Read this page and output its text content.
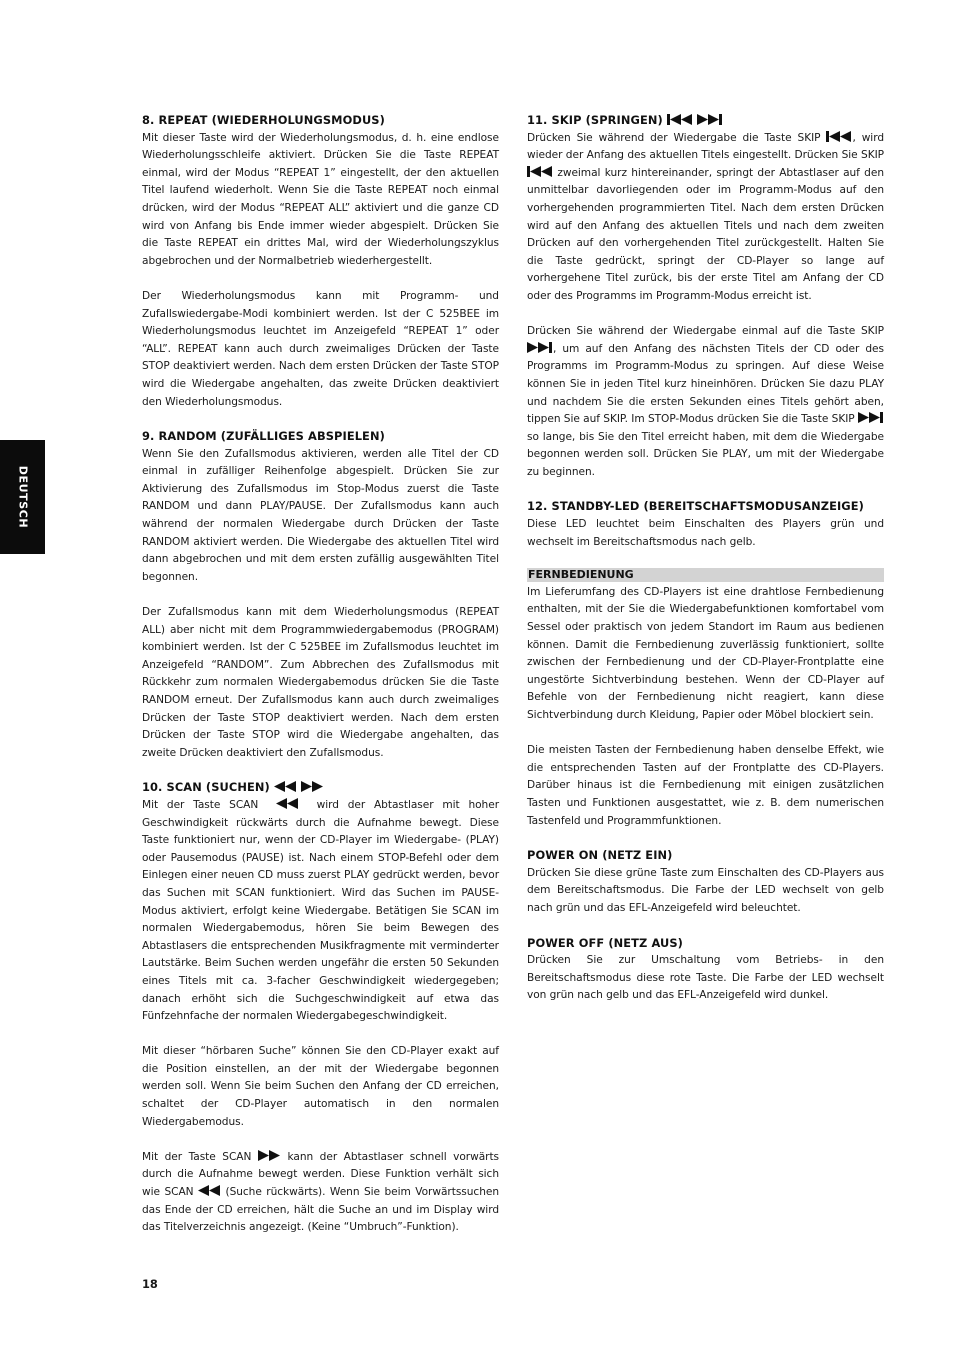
DEUTSCH
8. REPEAT (WIEDERHOLUNGSMODUS)

Mit dieser Taste wird der Wiederholungsmodus, d. h. eine endlose Wiederholungsschleife aktiviert. Drücken Sie die Taste REPEAT einmal, wird der Modus “REPEAT 1” eingestellt, der den aktuellen Titel laufend wiederholt. Wenn Sie die Taste REPEAT noch einmal drücken, wird der Modus “REPEAT ALL” aktiviert und die ganze CD wird von Anfang bis Ende immer wieder abgespielt. Drücken Sie die Taste REPEAT ein drittes Mal, wird der Wiederholungszyklus abgebrochen und der Normalbetrieb wiederhergestellt.

Der Wiederholungsmodus kann mit Programm- und Zufallswiedergabe-Modi kombiniert werden. Ist der C 525BEE im Wiederholungsmodus leuchtet im Anzeigefeld “REPEAT 1” oder “ALL”. REPEAT kann auch durch zweimaliges Drücken der Taste STOP deaktiviert werden. Nach dem ersten Drücken der Taste STOP wird die Wiedergabe angehalten, das zweite Drücken deaktiviert den Wiederholungsmodus.

9. RANDOM (ZUFÄLLIGES ABSPIELEN)

Wenn Sie den Zufallsmodus aktivieren, werden alle Titel der CD einmal in zufälliger Reihenfolge abgespielt. Drücken Sie zur Aktivierung des Zufallsmodus im Stop-Modus zuerst die Taste RANDOM und dann PLAY/PAUSE. Der Zufallsmodus kann auch während der normalen Wiedergabe durch Drücken der Taste RANDOM aktiviert werden. Die Wiedergabe des aktuellen Titel wird dann abgebrochen und mit dem ersten zufällig ausgewählten Titel begonnen.

Der Zufallsmodus kann mit dem Wiederholungsmodus (REPEAT ALL) aber nicht mit dem Programmwiedergabemodus (PROGRAM) kombiniert werden. Ist der C 525BEE im Zufallsmodus leuchtet im Anzeigefeld “RANDOM”. Zum Abbrechen des Zufallsmodus mit Rückkehr zum normalen Wiedergabemodus drücken Sie die Taste RANDOM erneut. Der Zufallsmodus kann auch durch zweimaliges Drücken der Taste STOP deaktiviert werden. Nach dem ersten Drücken der Taste STOP wird die Wiedergabe angehalten, das zweite Drücken deaktiviert den Zufallsmodus.

10. SCAN (SUCHEN)

Mit der Taste SCAN	wird der Abtastlaser mit hoher Geschwindigkeit rückwärts durch die Aufnahme bewegt. Diese Taste funktioniert nur, wenn der CD-Player im Wiedergabe- (PLAY) oder Pausemodus (PAUSE) ist. Nach einem STOP-Befehl oder dem Einlegen einer neuen CD muss zuerst PLAY gedrückt werden, bevor das Suchen mit SCAN funktioniert. Wird das Suchen im PAUSE-Modus aktiviert, erfolgt keine Wiedergabe. Betätigen Sie SCAN im normalen Wiedergabemodus, hören Sie beim Bewegen des Abtastlasers die entsprechenden Musikfragmente mit verminderter Lautstärke. Beim Suchen werden ungefähr die ersten 50 Sekunden eines Titels mit ca. 3-facher Geschwindigkeit wiedergegeben; danach erhöht sich die Suchgeschwindigkeit auf etwa das Fünfzehnfache der normalen Wiedergabegeschwindigkeit.

Mit dieser “hörbaren Suche” können Sie den CD-Player exakt auf die Position einstellen, an der mit der Wiedergabe begonnen werden soll. Wenn Sie beim Suchen den Anfang der CD erreichen, schaltet der CD-Player automatisch in den normalen Wiedergabemodus.

Mit der Taste SCAN	kann der Abtastlaser schnell vorwärts durch die Aufnahme bewegt werden. Diese Funktion verhält sich wie SCAN	(Suche rückwärts). Wenn Sie beim Vorwärtssuchen das Ende der CD erreichen, hält die Suche an und im Display wird das Titelverzeichnis angezeigt. (Keine “Umbruch”-Funktion).

11. SKIP (SPRINGEN)

Drücken Sie während der Wiedergabe die Taste SKIP	, wird wieder der Anfang des aktuellen Titels eingestellt. Drücken Sie SKIP
zweimal kurz hintereinander, springt der Abtastlaser auf den unmittelbar davorliegenden oder im Programm-Modus auf den vorhergehenden programmierten Titel. Nach dem ersten Drücken wird auf den Anfang des aktuellen Titels und nach dem zweiten Drücken auf den vorhergehenden Titel zurückgestellt. Halten Sie die Taste gedrückt, springt der CD-Player so lange auf vorhergehene Titel zurück, bis der erste Titel am Anfang der CD oder des Programms im Programm-Modus erreicht ist.

Drücken Sie während der Wiedergabe einmal auf die Taste SKIP
, um auf den Anfang des nächsten Titels der CD oder des Programms im Programm-Modus zu springen. Auf diese Weise können Sie in jeden Titel kurz hineinhören. Drücken Sie dazu PLAY und nachdem Sie die ersten Sekunden eines Titels gehört aben, tippen Sie auf SKIP. Im STOP-Modus drücken Sie die Taste SKIP
so lange, bis Sie den Titel erreicht haben, mit dem die Wiedergabe begonnen werden soll. Drücken Sie PLAY, um mit der Wiedergabe zu beginnen.

12. STANDBY-LED (BEREITSCHAFTSMODUSANZEIGE)

Diese LED leuchtet beim Einschalten des Players grün und wechselt im Bereitschaftsmodus nach gelb.

FERNBEDIENUNG

Im Lieferumfang des CD-Players ist eine drahtlose Fernbedienung enthalten, mit der Sie die Wiedergabefunktionen komfortabel vom Sessel oder praktisch von jedem Standort im Raum aus bedienen können. Damit die Fernbedienung zuverlässig funktioniert, sollte zwischen der Fernbedienung und der CD-Player-Frontplatte eine ungestörte Sichtverbindung bestehen. Wenn der CD-Player auf Befehle von der Fernbedienung nicht reagiert, kann diese Sichtverbindung durch Kleidung, Papier oder Möbel blockiert sein.

Die meisten Tasten der Fernbedienung haben denselbe Effekt, wie die entsprechenden Tasten auf der Frontplatte des CD-Players. Darüber hinaus ist die Fernbedienung mit einigen zusätzlichen Tasten und Funktionen ausgestattet, wie z. B. dem numerischen Tastenfeld und Programmfunktionen.

POWER ON (NETZ EIN)

Drücken Sie diese grüne Taste zum Einschalten des CD-Players aus dem Bereitschaftsmodus. Die Farbe der LED wechselt von gelb nach grün und das EFL-Anzeigefeld wird beleuchtet.

POWER OFF (NETZ AUS)

Drücken Sie zur Umschaltung vom Betriebs- in den Bereitschaftsmodus diese rote Taste. Die Farbe der LED wechselt von grün nach gelb und das EFL-Anzeigefeld wird dunkel.

18
